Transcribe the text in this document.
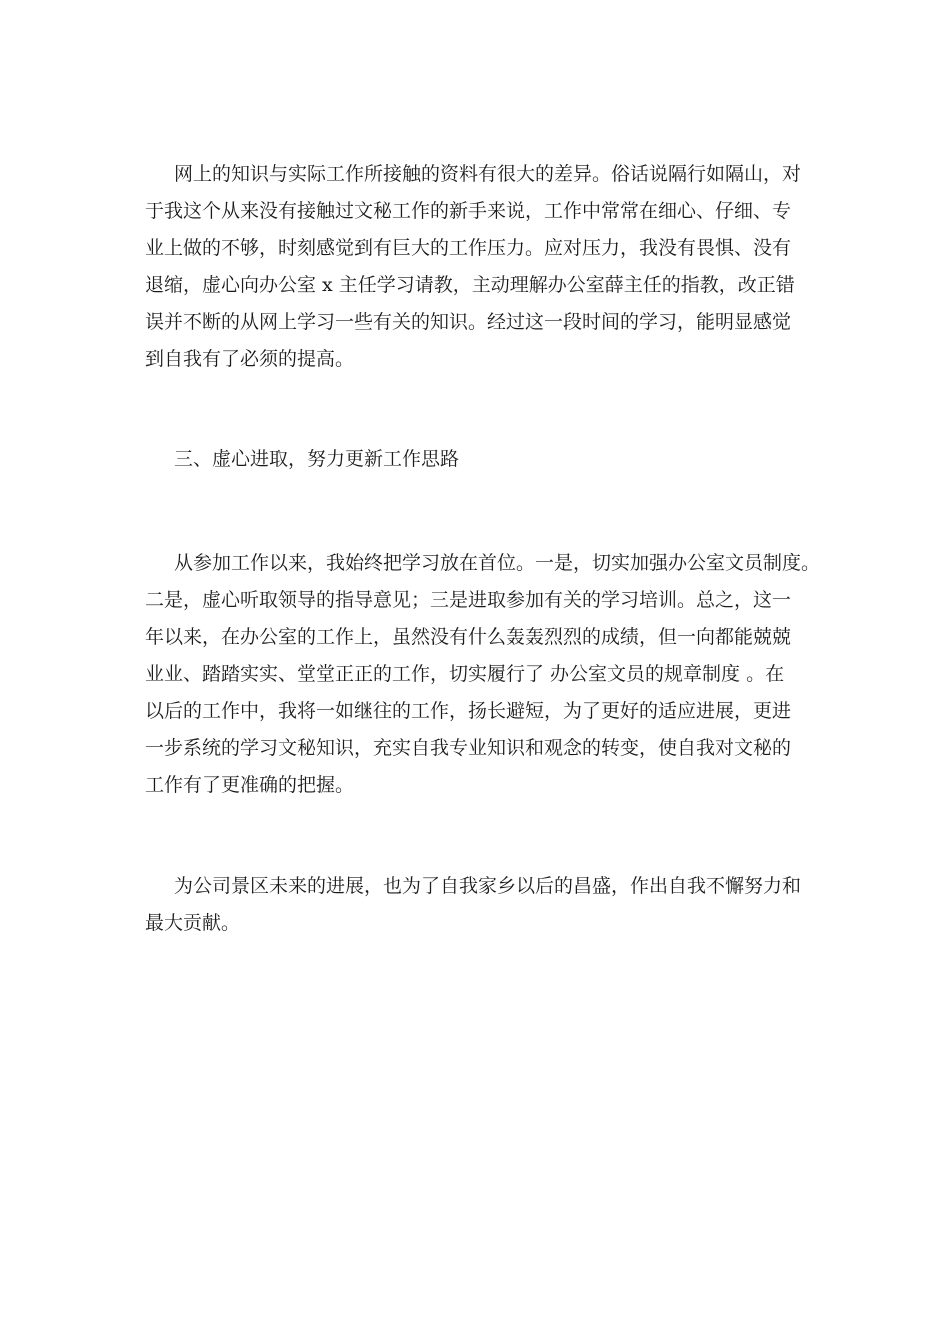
网上的知识与实际工作所接触的资料有很大的差异。俗话说隔行如隔山，对
于我这个从来没有接触过文秘工作的新手来说，工作中常常在细心、仔细、专
业上做的不够，时刻感觉到有巨大的工作压力。应对压力，我没有畏惧、没有
退缩，虚心向办公室 x 主任学习请教，主动理解办公室薛主任的指教，改正错
误并不断的从网上学习一些有关的知识。经过这一段时间的学习，能明显感觉
到自我有了必须的提高。
三、虚心进取，努力更新工作思路
从参加工作以来，我始终把学习放在首位。一是，切实加强办公室文员制度。
二是，虚心听取领导的指导意见；三是进取参加有关的学习培训。总之，这一
年以来，在办公室的工作上，虽然没有什么轰轰烈烈的成绩，但一向都能兢兢
业业、踏踏实实、堂堂正正的工作，切实履行了 办公室文员的规章制度 。在
以后的工作中，我将一如继往的工作，扬长避短，为了更好的适应进展，更进
一步系统的学习文秘知识，充实自我专业知识和观念的转变，使自我对文秘的
工作有了更准确的把握。
为公司景区未来的进展，也为了自我家乡以后的昌盛，作出自我不懈努力和
最大贡献。
